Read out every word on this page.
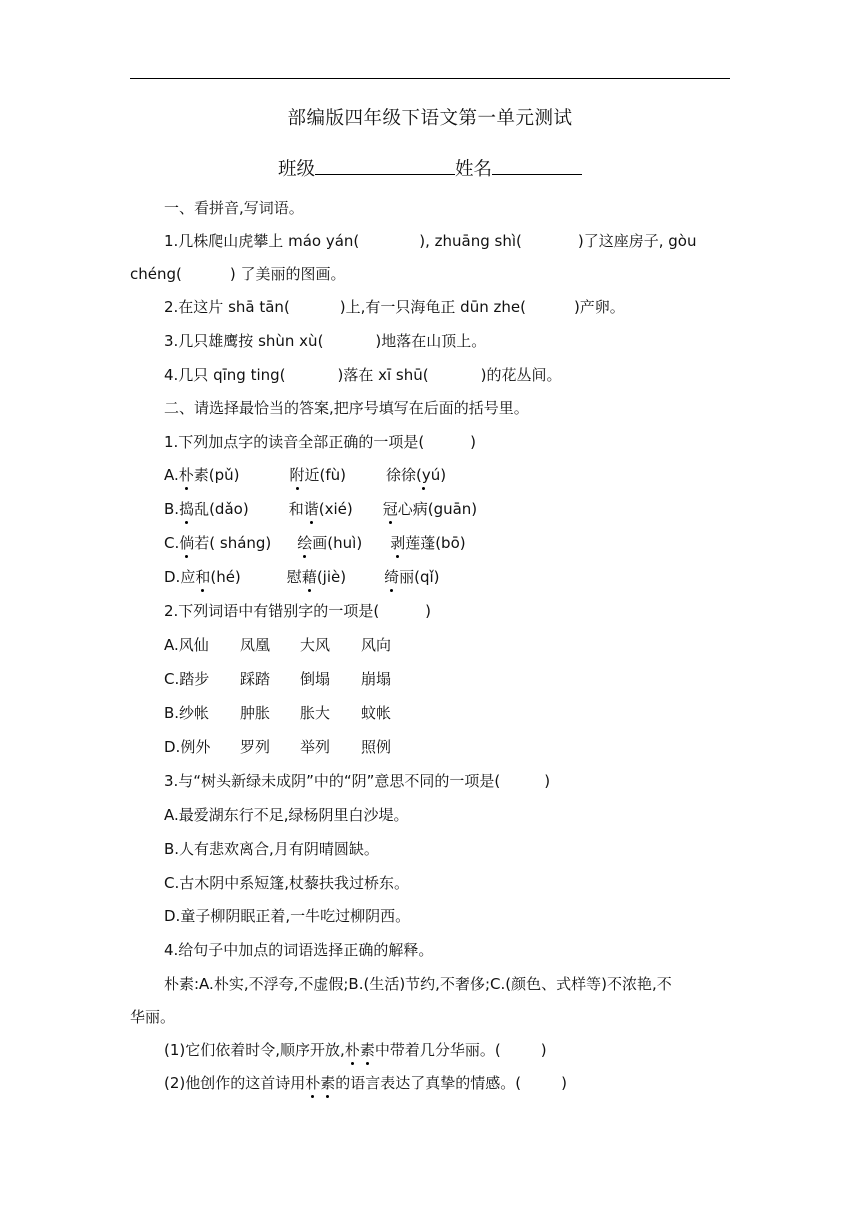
部编版四年级下语文第一单元测试
班级	姓名
一、看拼音,写词语。
1.几株爬山虎攀上 máo yán(	), zhuāng shì(	)了这座房子, gòu
chéng(	) 了美丽的图画。
2.在这片 shā tān(	)上,有一只海龟正 dūn zhe(	)产卵。
3.几只雄鹰按 shùn xù(	)地落在山顶上。
4.几只 qīng ting(	)落在 xī shū(	)的花丛间。
二、请选择最恰当的答案,把序号填写在后面的括号里。
1.下列加点字的读音全部正确的一项是(	)
A.朴素(pǔ)	附近(fù)	徐徐(yú)
B.捣乱(dǎo)	和谐(xié) 冠心病(guān)
C.倘若( sháng) 绘画(huì) 剥莲蓬(bō)
D.应和(hé)	慰藉(jiè)	绮丽(qǐ)
2.下列词语中有错别字的一项是(	)
A.风仙 凤凰 大风 风向
C.踏步 踩踏 倒塌 崩塌
B.纱帐 肿胀 胀大 蚊帐
D.例外 罗列 举列 照例
3.与“树头新绿未成阴”中的“阴”意思不同的一项是(	)
A.最爱湖东行不足,绿杨阴里白沙堤。
B.人有悲欢离合,月有阴晴圆缺。
C.古木阴中系短篷,杖藜扶我过桥东。
D.童子柳阴眠正着,一牛吃过柳阴西。
4.给句子中加点的词语选择正确的解释。
朴素:A.朴实,不浮夸,不虚假;B.(生活)节约,不奢侈;C.(颜色、式样等)不浓艳,不
华丽。
(1)它们依着时令,顺序开放,朴素中带着几分华丽。(	)
(2)他创作的这首诗用朴素的语言表达了真挚的情感。(	)
